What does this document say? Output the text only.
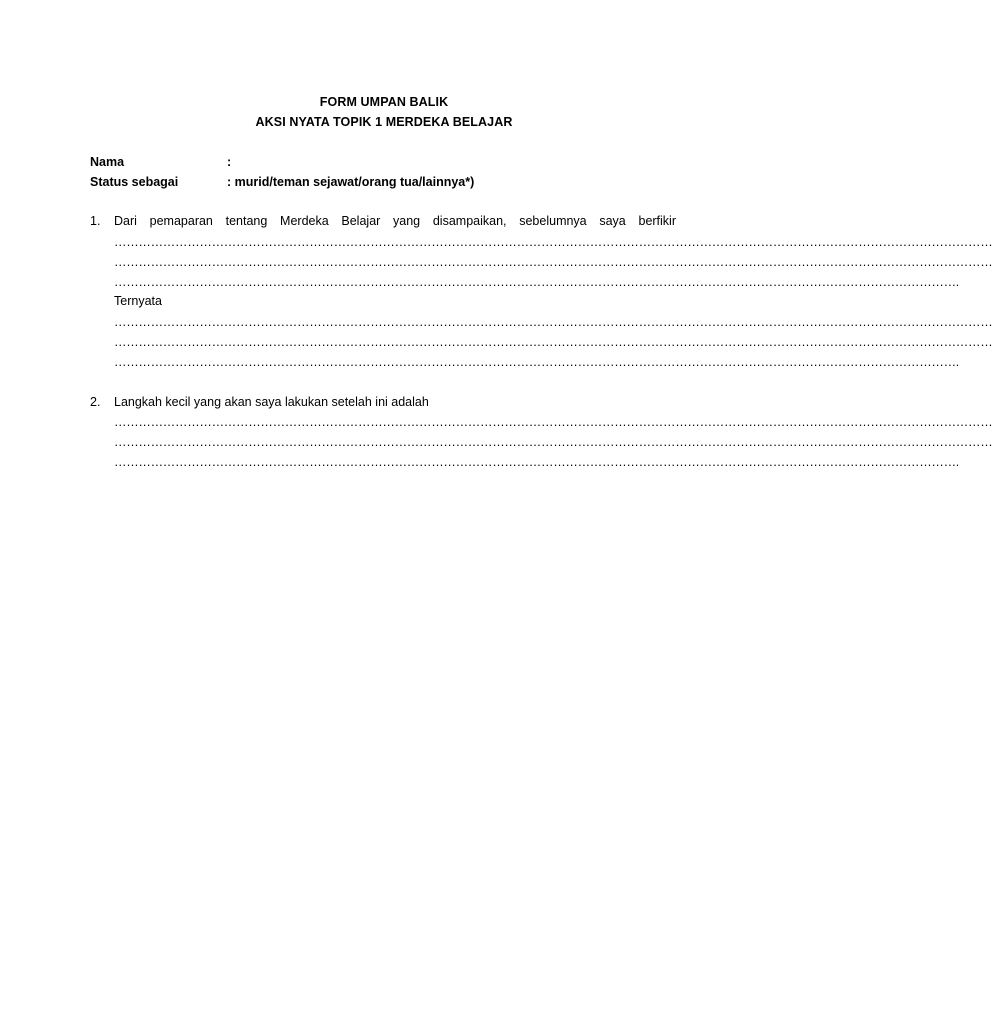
FORM UMPAN BALIK
AKSI NYATA TOPIK 1 MERDEKA BELAJAR
Nama	:
Status sebagai	: murid/teman sejawat/orang tua/lainnya*)
1. Dari pemaparan tentang Merdeka Belajar yang disampaikan, sebelumnya saya berfikir
………………………………………………………………………………………………………………………………………………………………………………………………
………………………………………………………………………………………………………………………………………………………………………………………………
……………………………………………………………………………………………………………………………………………………………………………………….
Ternyata
………………………………………………………………………………………………………………………………………………………………………………………………
………………………………………………………………………………………………………………………………………………………………………………………………
……………………………………………………………………………………………………………………………………………………………………………………….
2. Langkah kecil yang akan saya lakukan setelah ini adalah
………………………………………………………………………………………………………………………………………………………………………………………………
………………………………………………………………………………………………………………………………………………………………………………………………
……………………………………………………………………………………………………………………………………………………………………………………….
